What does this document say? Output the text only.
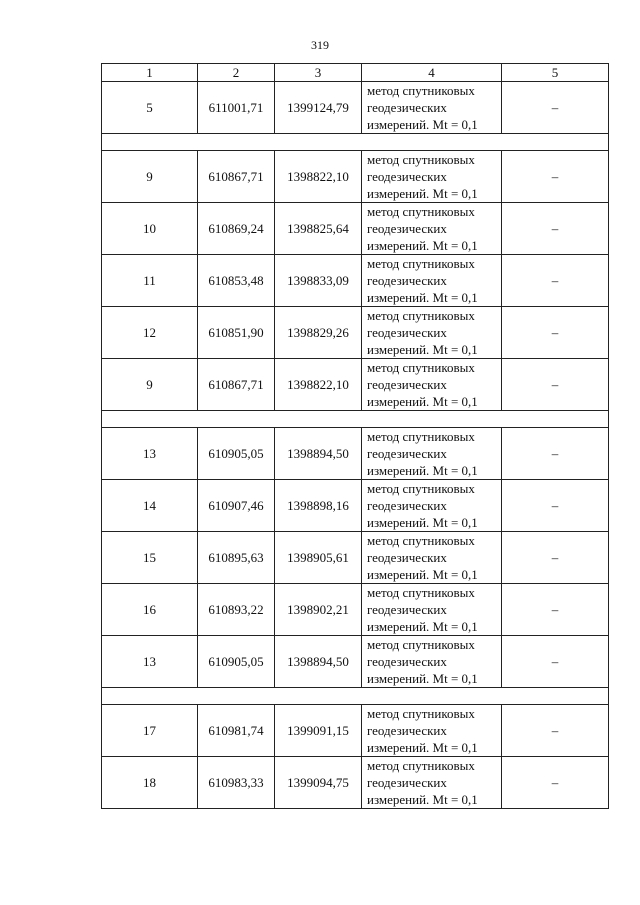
319
1	2	3	4	5
5	611001,71	1399124,79	метод спутниковых геодезических измерений. Mt = 0,1	–

9	610867,71	1398822,10	метод спутниковых геодезических измерений. Mt = 0,1	–
10	610869,24	1398825,64	метод спутниковых геодезических измерений. Mt = 0,1	–
11	610853,48	1398833,09	метод спутниковых геодезических измерений. Mt = 0,1	–
12	610851,90	1398829,26	метод спутниковых геодезических измерений. Mt = 0,1	–
9	610867,71	1398822,10	метод спутниковых геодезических измерений. Mt = 0,1	–

13	610905,05	1398894,50	метод спутниковых геодезических измерений. Mt = 0,1	–
14	610907,46	1398898,16	метод спутниковых геодезических измерений. Mt = 0,1	–
15	610895,63	1398905,61	метод спутниковых геодезических измерений. Mt = 0,1	–
16	610893,22	1398902,21	метод спутниковых геодезических измерений. Mt = 0,1	–
13	610905,05	1398894,50	метод спутниковых геодезических измерений. Mt = 0,1	–

17	610981,74	1399091,15	метод спутниковых геодезических измерений. Mt = 0,1	–
18	610983,33	1399094,75	метод спутниковых геодезических измерений. Mt = 0,1	–
